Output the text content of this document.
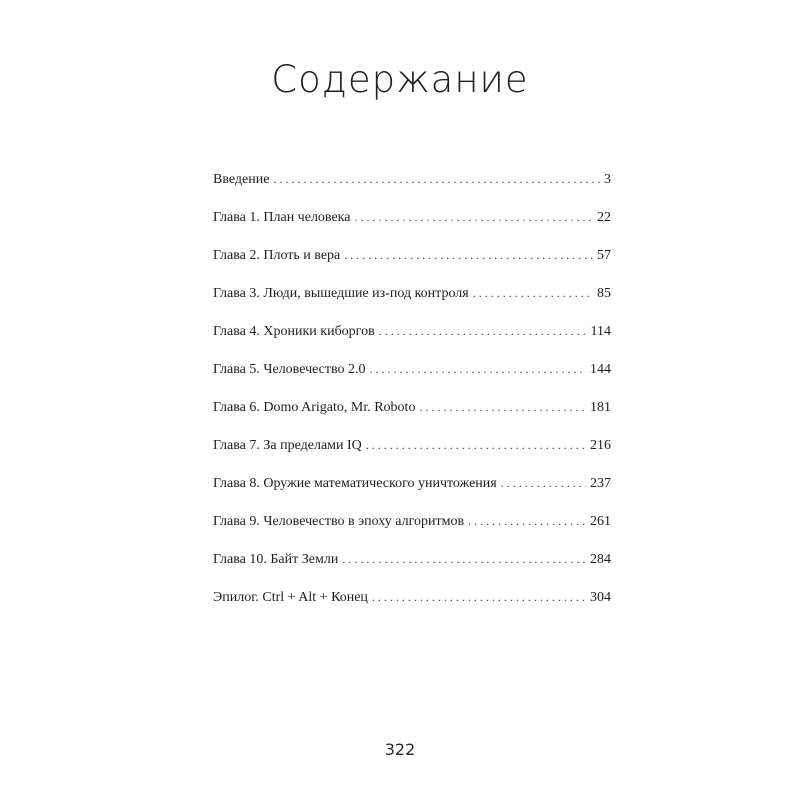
Содержание
Введение . . .	3
Глава 1. План человека . . .	22
Глава 2. Плоть и вера . . .	57
Глава 3. Люди, вышедшие из-под контроля . . .	85
Глава 4. Хроники киборгов . . .	114
Глава 5. Человечество 2.0 . . .	144
Глава 6. Domo Arigato, Mr. Roboto . . .	181
Глава 7. За пределами IQ . . .	216
Глава 8. Оружие математического уничтожения . . .	237
Глава 9. Человечество в эпоху алгоритмов . . .	261
Глава 10. Байт Земли . . .	284
Эпилог. Ctrl + Alt + Конец . . .	304
322
